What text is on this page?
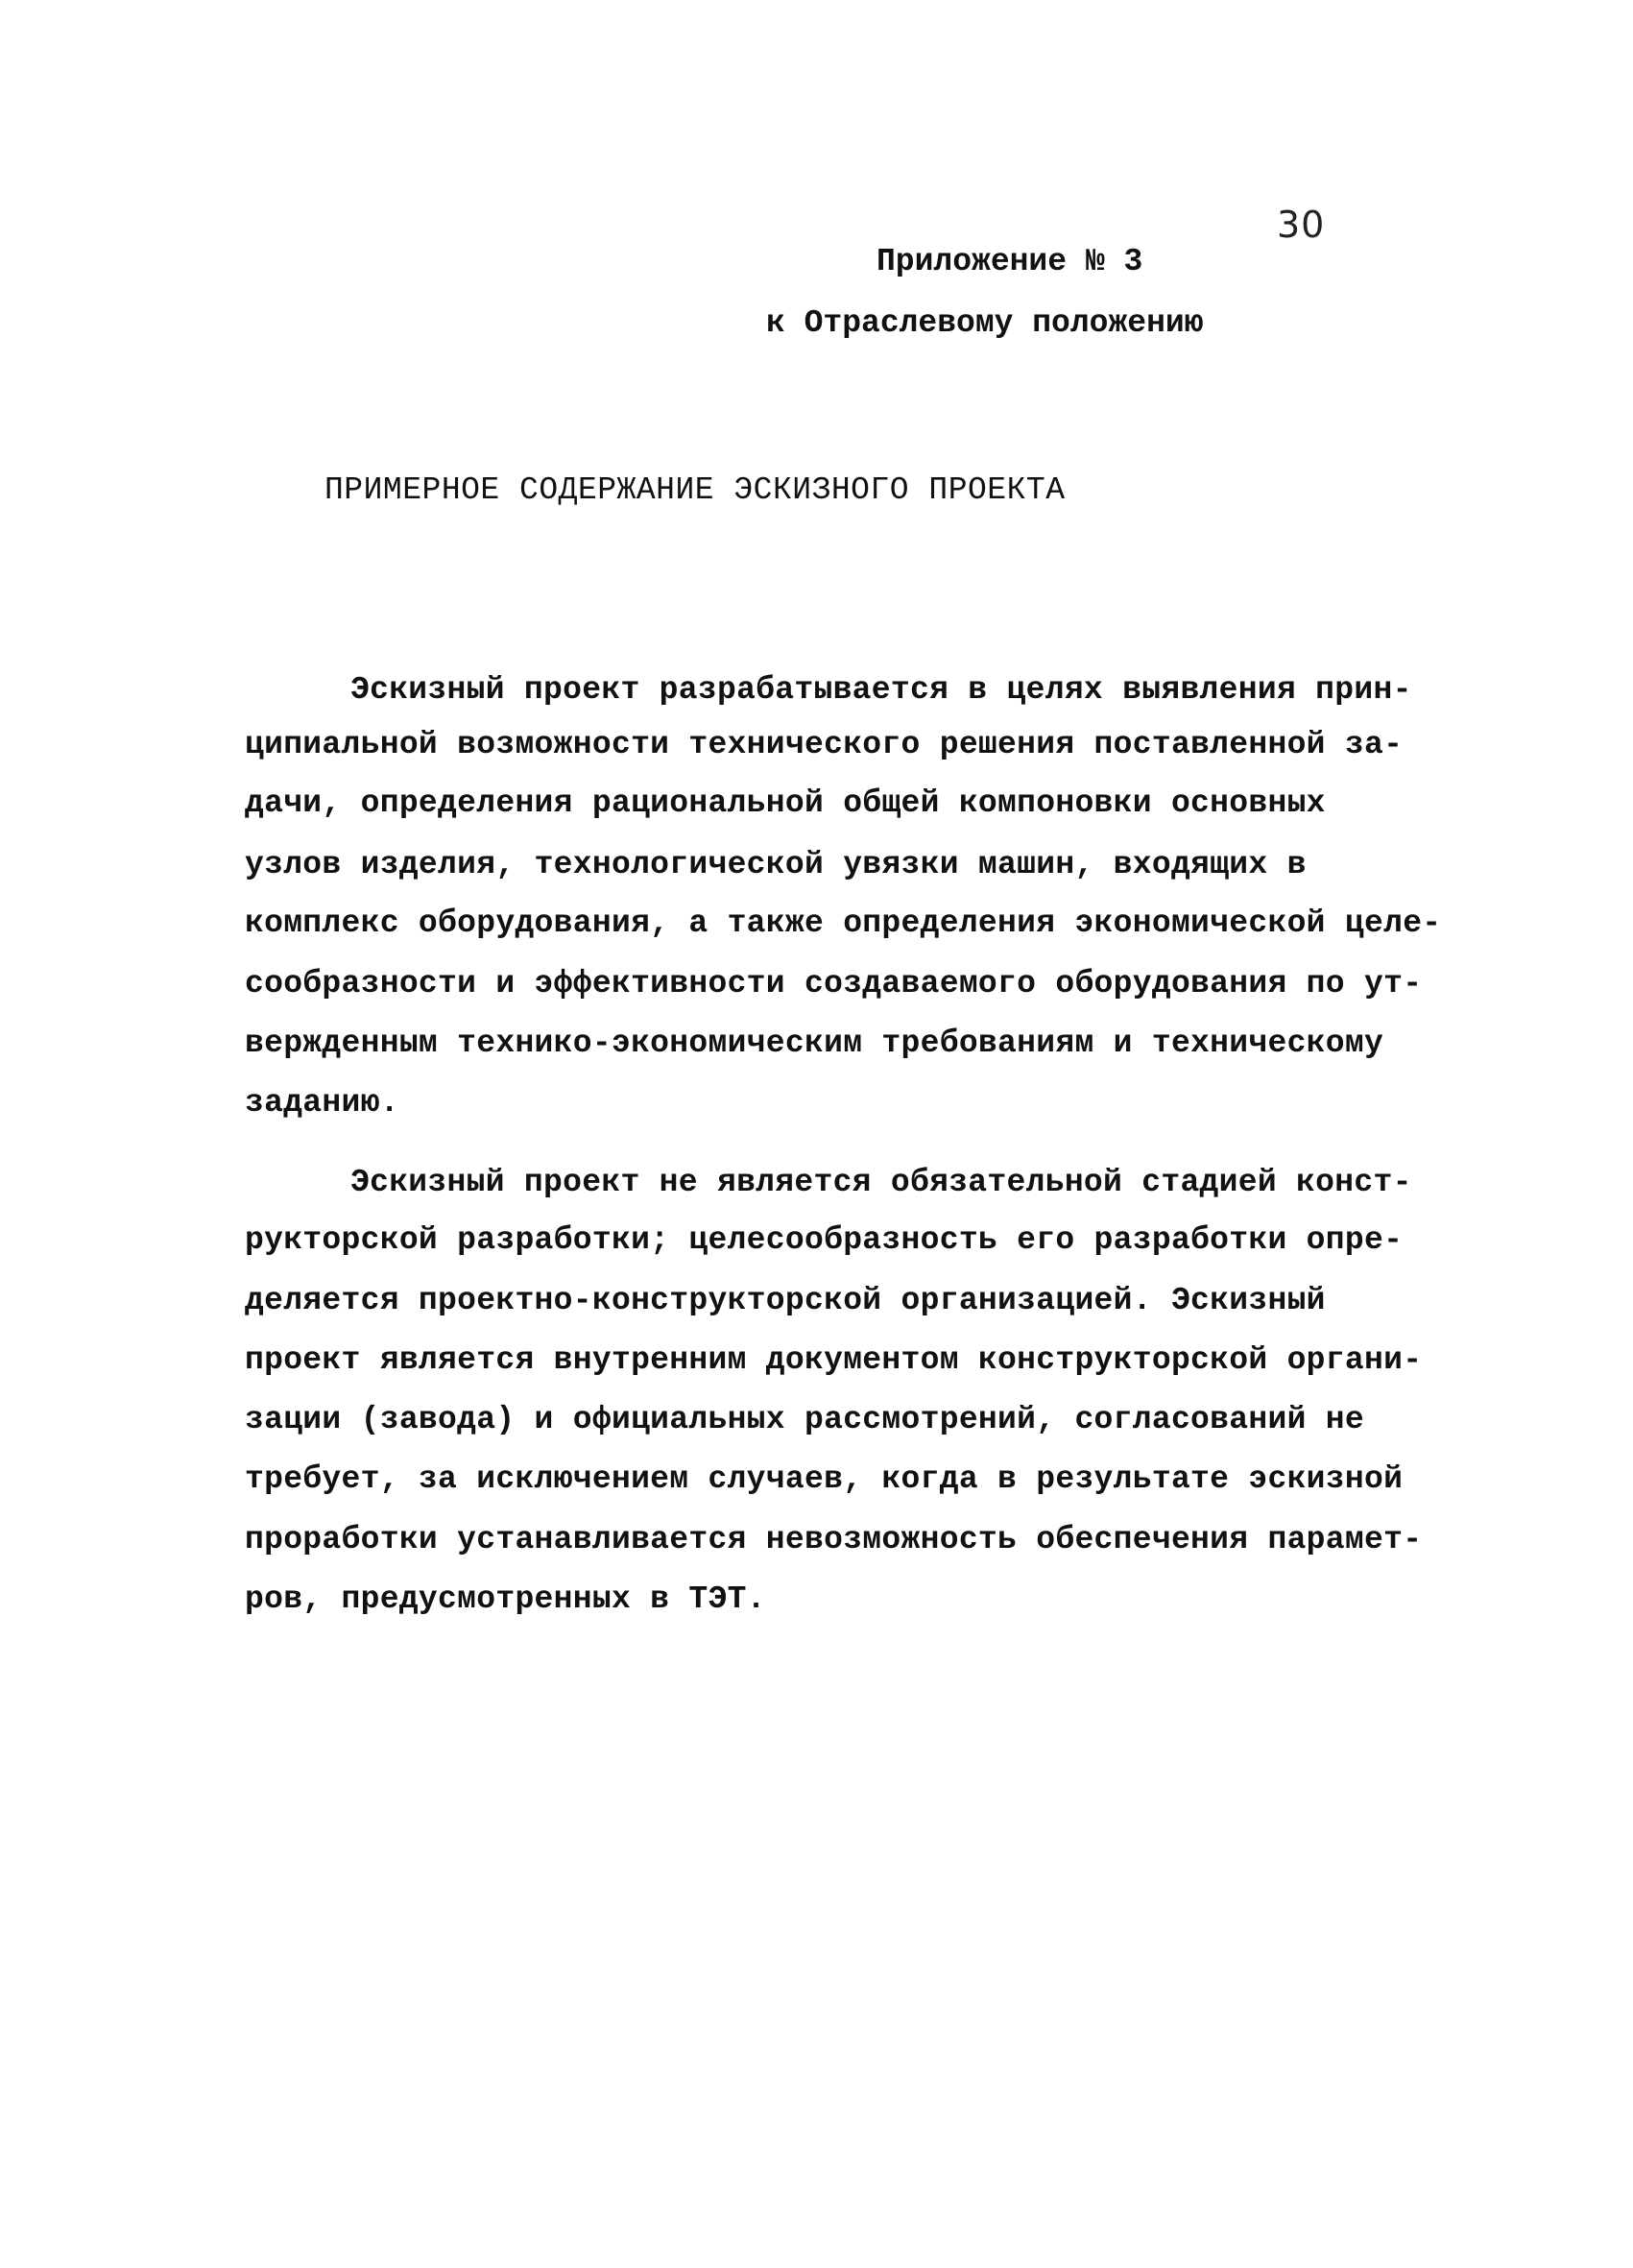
30
Приложение № 3
к Отраслевому положению
ПРИМЕРНОЕ СОДЕРЖАНИЕ ЭСКИЗНОГО ПРОЕКТА
Эскизный проект разрабатывается в целях выявления прин-
ципиальной возможности технического решения поставленной за-
дачи, определения рациональной общей компоновки основных
узлов изделия, технологической увязки машин, входящих в
комплекс оборудования, а также определения экономической целе-
сообразности и эффективности создаваемого оборудования по ут-
вержденным технико-экономическим требованиям и техническому
заданию.
Эскизный проект не является обязательной стадией конст-
рукторской разработки; целесообразность его разработки опре-
деляется проектно-конструкторской организацией. Эскизный
проект является внутренним документом конструкторской органи-
зации (завода) и официальных рассмотрений, согласований не
требует, за исключением случаев, когда в результате эскизной
проработки устанавливается невозможность обеспечения парамет-
ров, предусмотренных в ТЭТ.
